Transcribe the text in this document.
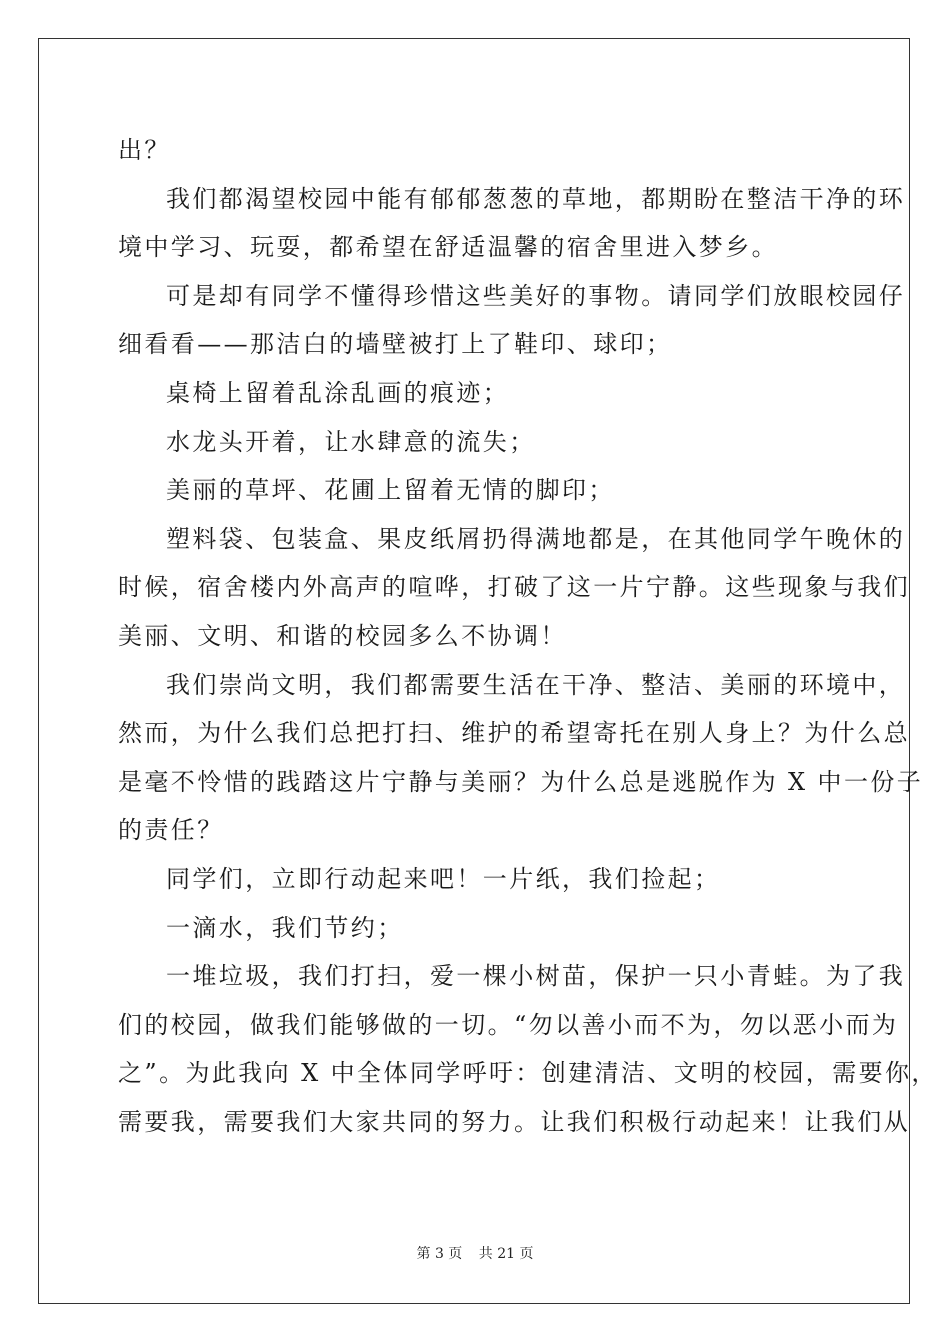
出？
我们都渴望校园中能有郁郁葱葱的草地，都期盼在整洁干净的环
境中学习、玩耍，都希望在舒适温馨的宿舍里进入梦乡。
可是却有同学不懂得珍惜这些美好的事物。请同学们放眼校园仔
细看看——那洁白的墙壁被打上了鞋印、球印；
桌椅上留着乱涂乱画的痕迹；
水龙头开着，让水肆意的流失；
美丽的草坪、花圃上留着无情的脚印；
塑料袋、包装盒、果皮纸屑扔得满地都是，在其他同学午晚休的
时候，宿舍楼内外高声的喧哗，打破了这一片宁静。这些现象与我们
美丽、文明、和谐的校园多么不协调！
我们崇尚文明，我们都需要生活在干净、整洁、美丽的环境中，
然而，为什么我们总把打扫、维护的希望寄托在别人身上？为什么总
是毫不怜惜的践踏这片宁静与美丽？为什么总是逃脱作为 X 中一份子
的责任？
同学们，立即行动起来吧！一片纸，我们捡起；
一滴水，我们节约；
一堆垃圾，我们打扫，爱一棵小树苗，保护一只小青蛙。为了我
们的校园，做我们能够做的一切。“勿以善小而不为，勿以恶小而为
之”。为此我向 X 中全体同学呼吁：创建清洁、文明的校园，需要你，
需要我，需要我们大家共同的努力。让我们积极行动起来！让我们从
第 3 页 共 21 页
